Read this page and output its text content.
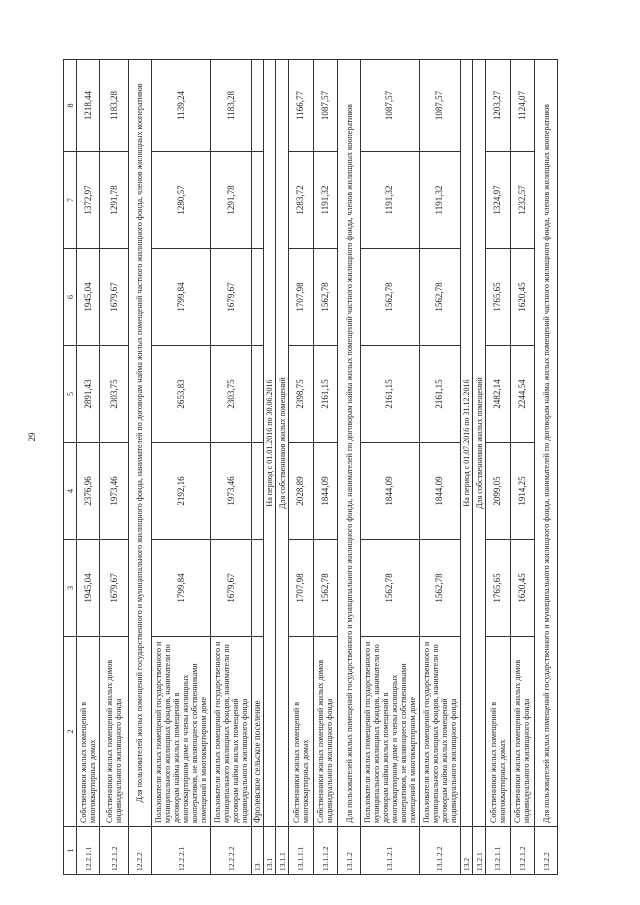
29
1	2	3	4	5	6	7	8
12.2.1.1	Собственники жилых помещений в многоквартирных домах	1945,04	2376,96	2891,43	1945,04	1372,97	1218,44
12.2.1.2	Собственники жилых помещений жилых домов индивидуального жилищного фонда	1679,67	1973,46	2303,75	1679,67	1291,78	1183,28
12.2.2	Для пользователей жилых помещений государственного и муниципального жилищного фонда, нанимателей по договорам найма жилых помещений частного жилищного фонда, членов жилищных кооперативов						
12.2.2.1	Пользователи жилых помещений государственного и муниципального жилищных фондов, наниматели по договорам найма жилых помещений в многоквартирном доме и члены жилищных кооперативов, не являющиеся собственниками помещений в многоквартирном доме	1799,84	2192,16	2653,83	1799,84	1280,57	1139,24
12.2.2.2	Пользователи жилых помещений государственного и муниципального жилищных фондов, наниматели по договорам найма жилых помещений индивидуального жилищного фонда	1679,67	1973,46	2303,75	1679,67	1291,78	1183,28
13	Фролевское сельское поселение						
13.1	На период с 01.01.2016 по 30.06.2016						
13.1.1	Для собственников жилых помещений						
13.1.1.1	Собственники жилых помещений в многоквартирных домах	1707,98	2028,89	2398,75	1707,98	1283,72	1166,77
13.1.1.2	Собственники жилых помещений жилых домов индивидуального жилищного фонда	1562,78	1844,09	2161,15	1562,78	1191,32	1087,57
13.1.2	Для пользователей жилых помещений государственного и муниципального жилищного фонда, нанимателей по договорам найма жилых помещений частного жилищного фонда, членов жилищных кооперативов						
13.1.2.1	Пользователи жилых помещений государственного и муниципального жилищных фондов, наниматели по договорам найма жилых помещений в многоквартирном доме и члены жилищных кооперативов, не являющиеся собственниками помещений в многоквартирном доме	1562,78	1844,09	2161,15	1562,78	1191,32	1087,57
13.1.2.2	Пользователи жилых помещений государственного и муниципального жилищных фондов, наниматели по договорам найма жилых помещений индивидуального жилищного фонда	1562,78	1844,09	2161,15	1562,78	1191,32	1087,57
13.2	На период с 01.07.2016 по 31.12.2016						
13.2.1	Для собственников жилых помещений						
13.2.1.1	Собственники жилых помещений в многоквартирных домах	1765,65	2099,05	2482,14	1765,65	1324,97	1203,27
13.2.1.2	Собственники жилых помещений жилых домов индивидуального жилищного фонда	1620,45	1914,25	2244,54	1620,45	1232,57	1124,07
13.2.2	Для пользователей жилых помещений государственного и муниципального жилищного фонда, нанимателей по договорам найма жилых помещений частного жилищного фонда, членов жилищных кооперативов						
